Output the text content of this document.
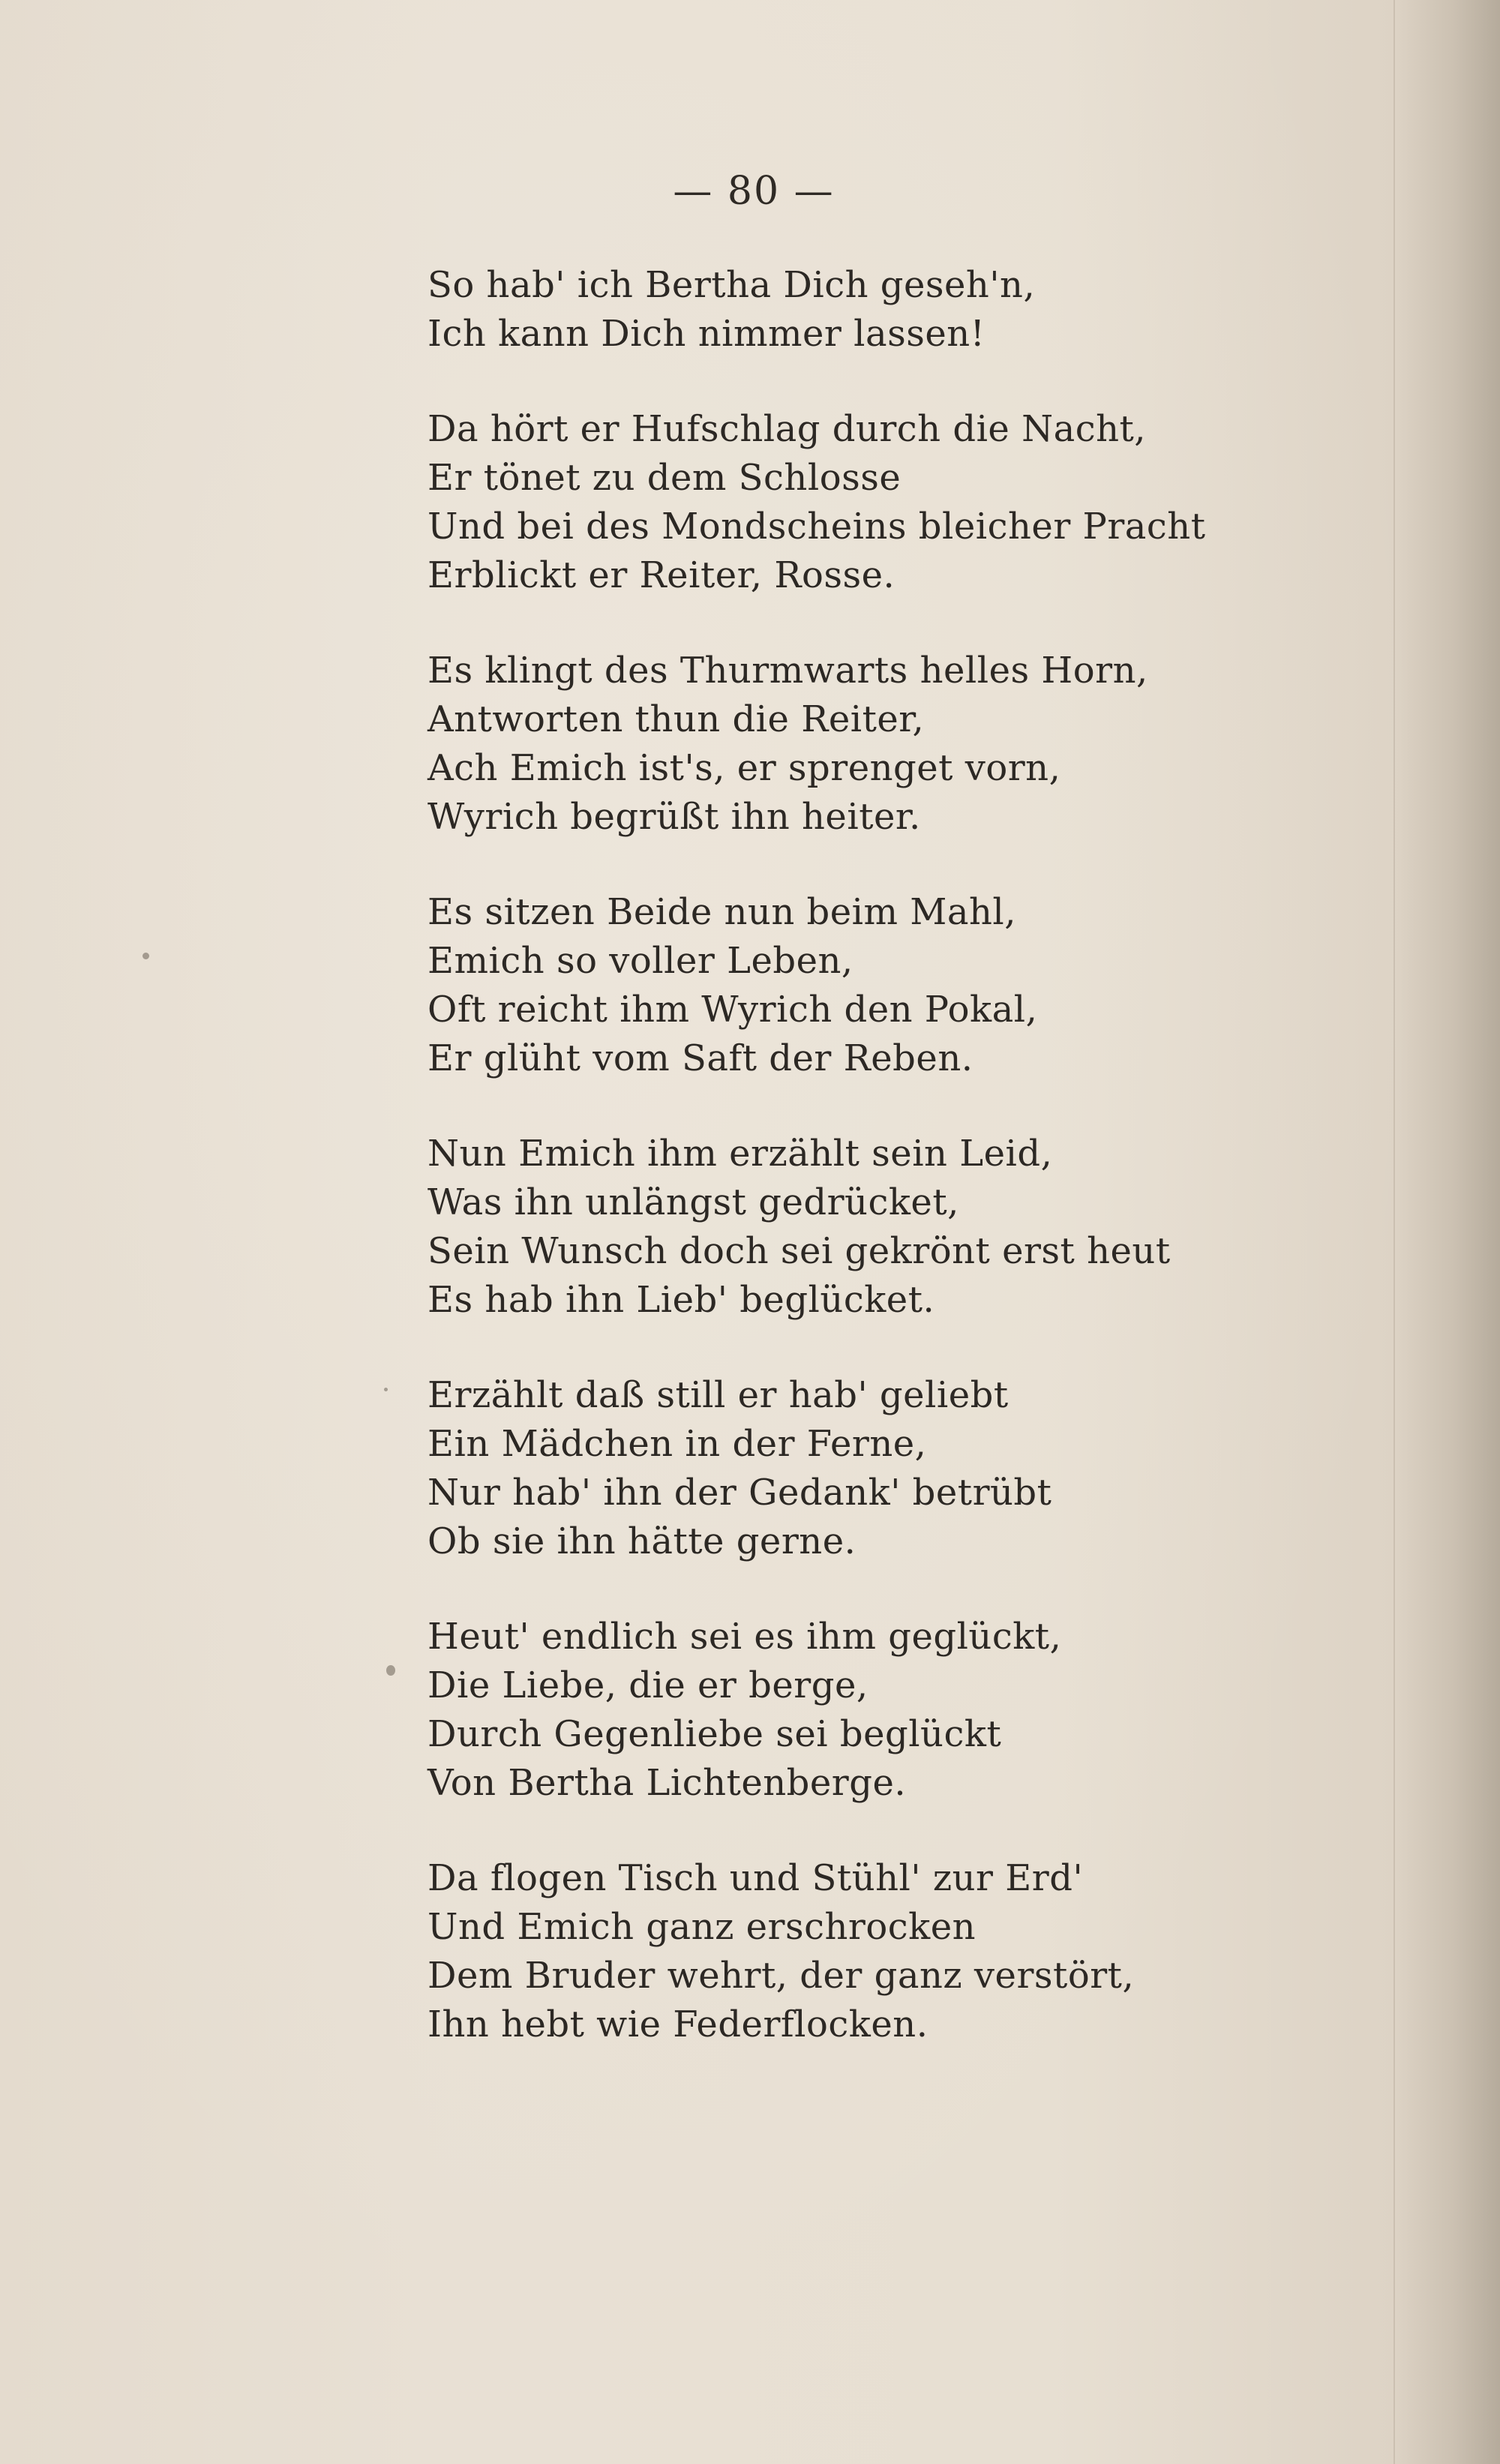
— 80 —
So hab' ich Bertha Dich geseh'n,
Ich kann Dich nimmer lassen!
Da hört er Hufschlag durch die Nacht,
Er tönet zu dem Schlosse
Und bei des Mondscheins bleicher Pracht
Erblickt er Reiter, Rosse.
Es klingt des Thurmwarts helles Horn,
Antworten thun die Reiter,
Ach Emich ist's, er sprenget vorn,
Wyrich begrüßt ihn heiter.
Es sitzen Beide nun beim Mahl,
Emich so voller Leben,
Oft reicht ihm Wyrich den Pokal,
Er glüht vom Saft der Reben.
Nun Emich ihm erzählt sein Leid,
Was ihn unlängst gedrücket,
Sein Wunsch doch sei gekrönt erst heut
Es hab ihn Lieb' beglücket.
Erzählt daß still er hab' geliebt
Ein Mädchen in der Ferne,
Nur hab' ihn der Gedank' betrübt
Ob sie ihn hätte gerne.
Heut' endlich sei es ihm geglückt,
Die Liebe, die er berge,
Durch Gegenliebe sei beglückt
Von Bertha Lichtenberge.
Da flogen Tisch und Stühl' zur Erd'
Und Emich ganz erschrocken
Dem Bruder wehrt, der ganz verstört,
Ihn hebt wie Federflocken.
